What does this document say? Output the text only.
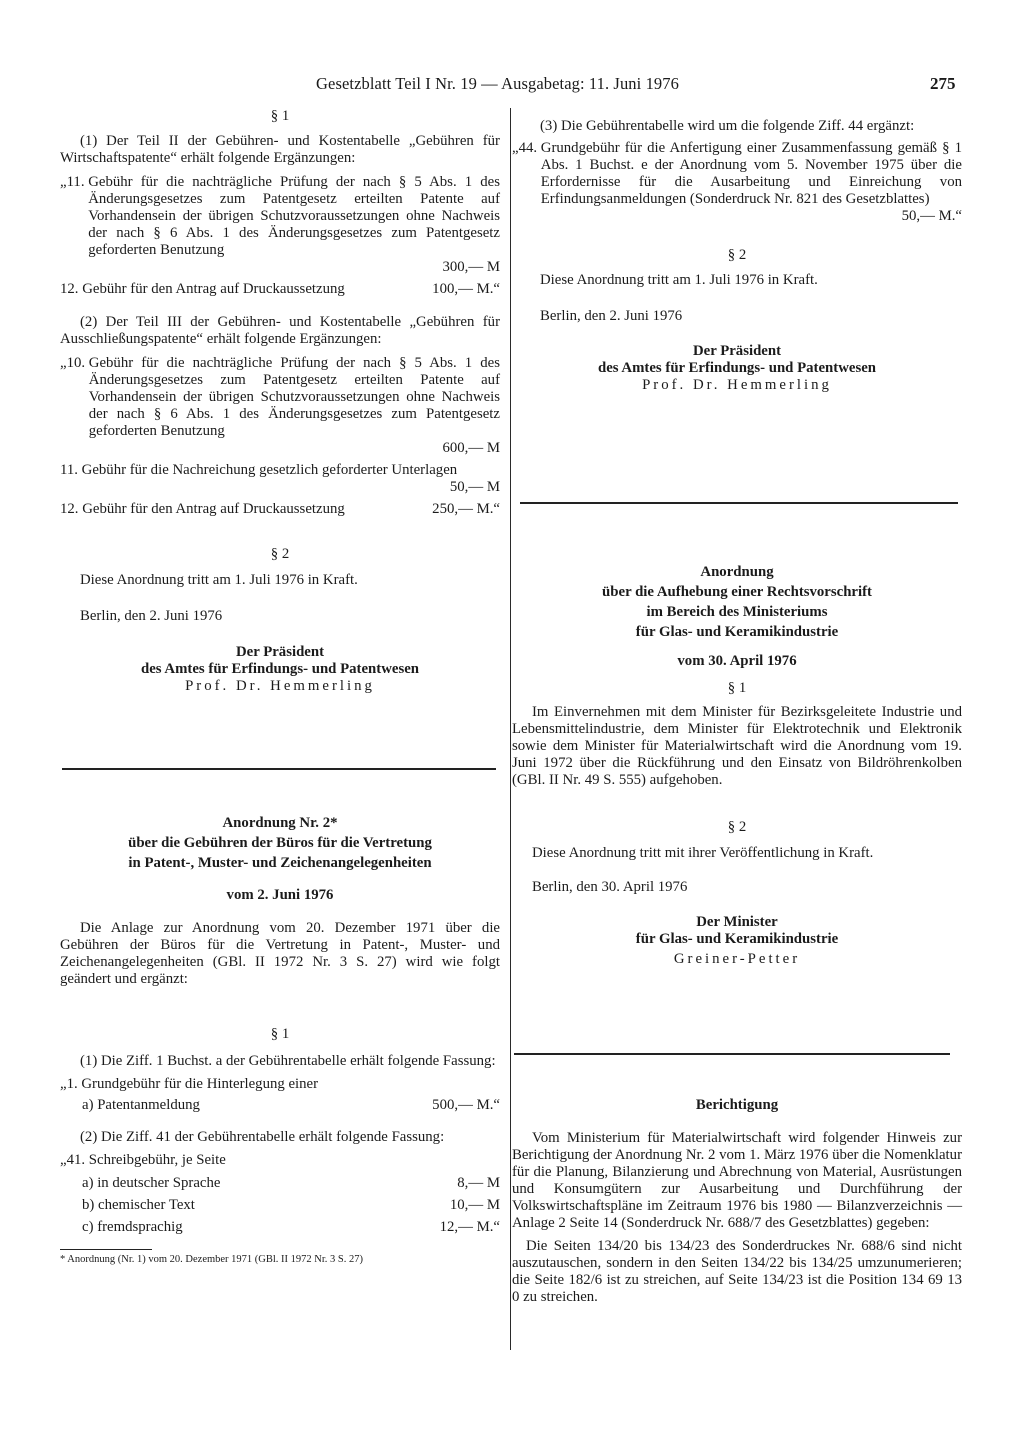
Gesetzblatt Teil I Nr. 19 — Ausgabetag: 11. Juni 1976	275

§ 1

(1) Der Teil II der Gebühren- und Kostentabelle „Gebühren für Wirtschaftspatente“ erhält folgende Ergänzungen:

„11. Gebühr für die nachträgliche Prüfung der nach § 5 Abs. 1 des Änderungsgesetzes zum Patentgesetz erteilten Patente auf Vorhandensein der übrigen Schutzvoraussetzungen ohne Nachweis der nach § 6 Abs. 1 des Änderungsgesetzes zum Patentgesetz geforderten Benutzung

300,— M

12. Gebühr für den Antrag auf Druckaussetzung	100,— M.“

(2) Der Teil III der Gebühren- und Kostentabelle „Gebühren für Ausschließungspatente“ erhält folgende Ergänzungen:

„10. Gebühr für die nachträgliche Prüfung der nach § 5 Abs. 1 des Änderungsgesetzes zum Patentgesetz erteilten Patente auf Vorhandensein der übrigen Schutzvoraussetzungen ohne Nachweis der nach § 6 Abs. 1 des Änderungsgesetzes zum Patentgesetz geforderten Benutzung

600,— M

11. Gebühr für die Nachreichung gesetzlich geforderter Unterlagen

50,— M

12. Gebühr für den Antrag auf Druckaussetzung	250,— M.“

§ 2

Diese Anordnung tritt am 1. Juli 1976 in Kraft.

Berlin, den 2. Juni 1976

Der Präsident

des Amtes für Erfindungs- und Patentwesen

Prof. Dr. Hemmerling

Anordnung Nr. 2*

über die Gebühren der Büros für die Vertretung

in Patent-, Muster- und Zeichenangelegenheiten

vom 2. Juni 1976

Die Anlage zur Anordnung vom 20. Dezember 1971 über die Gebühren der Büros für die Vertretung in Patent-, Muster- und Zeichenangelegenheiten (GBl. II 1972 Nr. 3 S. 27) wird wie folgt geändert und ergänzt:

§ 1

(1) Die Ziff. 1 Buchst. a der Gebührentabelle erhält folgende Fassung:

„1. Grundgebühr für die Hinterlegung einer
a) Patentanmeldung	500,— M.“

(2) Die Ziff. 41 der Gebührentabelle erhält folgende Fassung:

„41. Schreibgebühr, je Seite
a) in deutscher Sprache	8,— M
b) chemischer Text	10,— M
c) fremdsprachig	12,— M.“

* Anordnung (Nr. 1) vom 20. Dezember 1971 (GBl. II 1972 Nr. 3 S. 27)

(3) Die Gebührentabelle wird um die folgende Ziff. 44 ergänzt:

„44. Grundgebühr für die Anfertigung einer Zusammenfassung gemäß § 1 Abs. 1 Buchst. e der Anordnung vom 5. November 1975 über die Erfordernisse für die Ausarbeitung und Einreichung von Erfindungsanmeldungen (Sonderdruck Nr. 821 des Gesetzblattes)

50,— M.“

§ 2

Diese Anordnung tritt am 1. Juli 1976 in Kraft.

Berlin, den 2. Juni 1976

Der Präsident

des Amtes für Erfindungs- und Patentwesen

Prof. Dr. Hemmerling

Anordnung

über die Aufhebung einer Rechtsvorschrift

im Bereich des Ministeriums

für Glas- und Keramikindustrie

vom 30. April 1976

§ 1

Im Einvernehmen mit dem Minister für Bezirksgeleitete Industrie und Lebensmittelindustrie, dem Minister für Elektrotechnik und Elektronik sowie dem Minister für Materialwirtschaft wird die Anordnung vom 19. Juni 1972 über die Rückführung und den Einsatz von Bildröhrenkolben (GBl. II Nr. 49 S. 555) aufgehoben.

§ 2

Diese Anordnung tritt mit ihrer Veröffentlichung in Kraft.

Berlin, den 30. April 1976

Der Minister

für Glas- und Keramikindustrie

Greiner-Petter

Berichtigung

Vom Ministerium für Materialwirtschaft wird folgender Hinweis zur Berichtigung der Anordnung Nr. 2 vom 1. März 1976 über die Nomenklatur für die Planung, Bilanzierung und Abrechnung von Material, Ausrüstungen und Konsumgütern zur Ausarbeitung und Durchführung der Volkswirtschaftspläne im Zeitraum 1976 bis 1980 — Bilanzverzeichnis — Anlage 2 Seite 14 (Sonderdruck Nr. 688/7 des Gesetzblattes) gegeben:

Die Seiten 134/20 bis 134/23 des Sonderdruckes Nr. 688/6 sind nicht auszutauschen, sondern in den Seiten 134/22 bis 134/25 umzunumerieren; die Seite 182/6 ist zu streichen, auf Seite 134/23 ist die Position 134 69 13 0 zu streichen.
